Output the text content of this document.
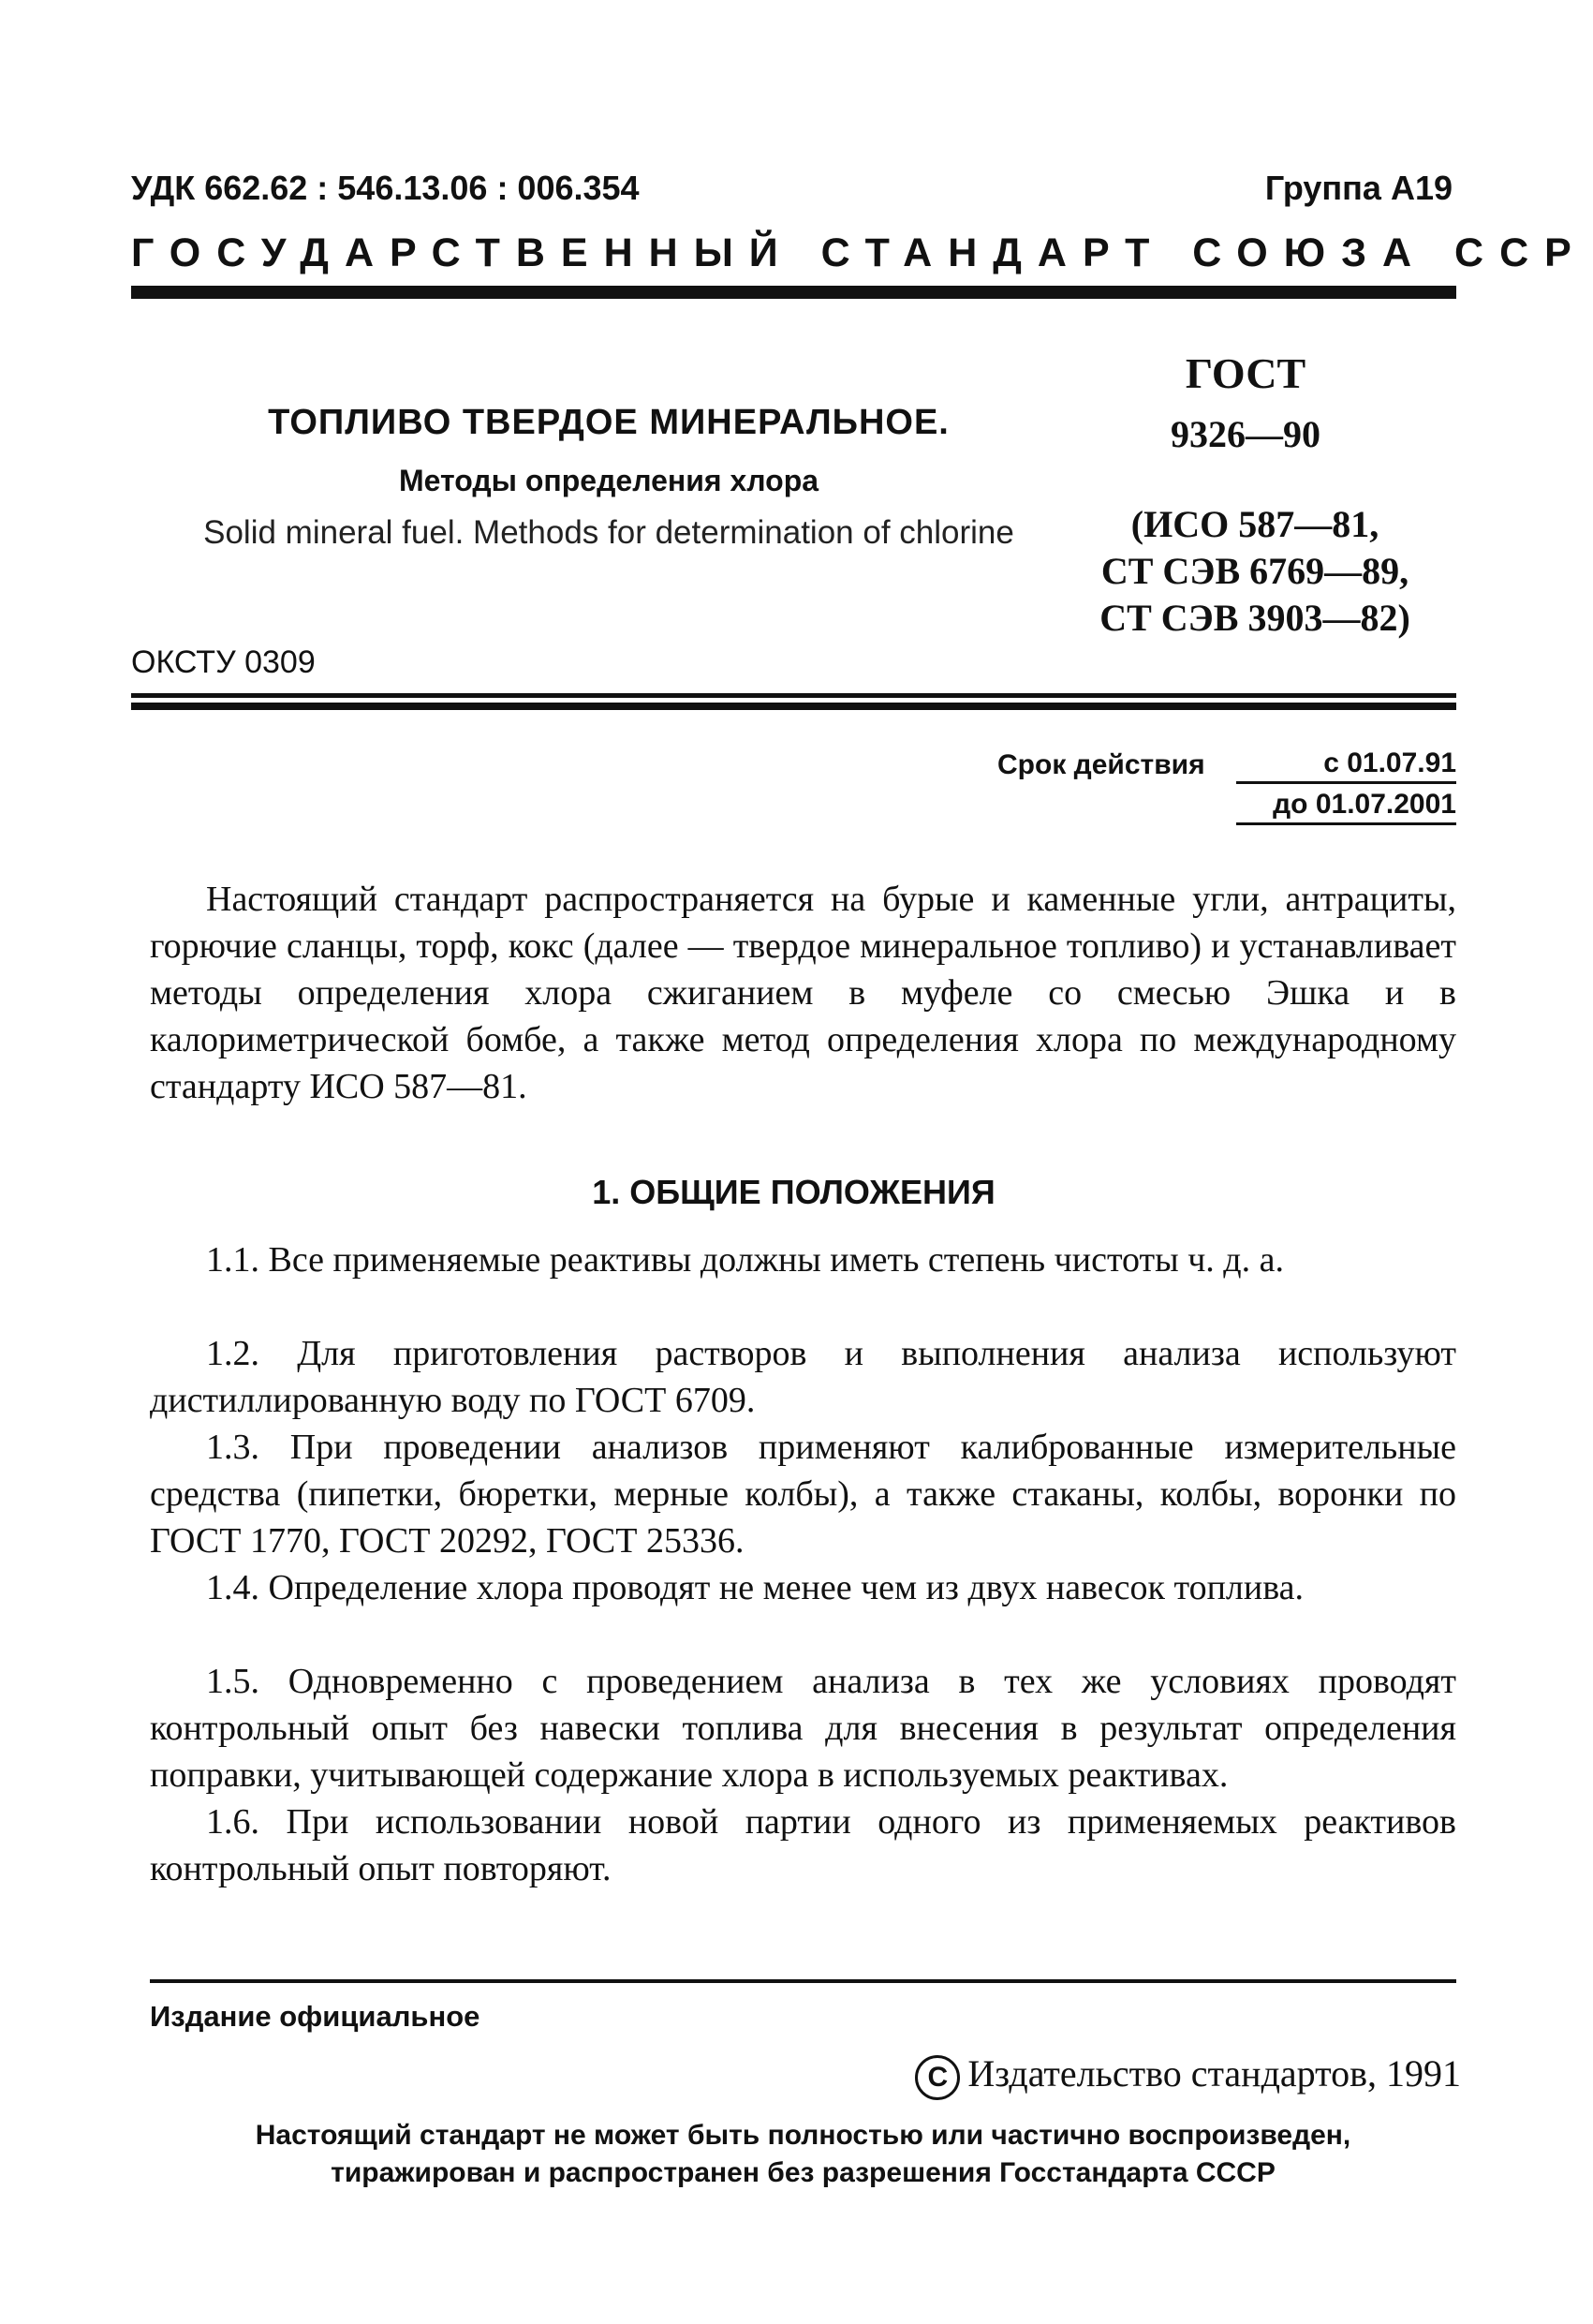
УДК 662.62 : 546.13.06 : 006.354	Группа А19
ГОСУДАРСТВЕННЫЙ СТАНДАРТ СОЮЗА ССР
ТОПЛИВО ТВЕРДОЕ МИНЕРАЛЬНОЕ.
Методы определения хлора
Solid mineral fuel. Methods for determination of chlorine
ОКСТУ 0309
ГОСТ
9326—90
(ИСО 587—81,
СТ СЭВ 6769—89,
СТ СЭВ 3903—82)
Срок действия	с 01.07.91
до 01.07.2001
Настоящий стандарт распространяется на бурые и каменные угли, антрациты, горючие сланцы, торф, кокс (далее — твердое минеральное топливо) и устанавливает методы определения хлора сжиганием в муфеле со смесью Эшка и в калориметрической бомбе, а также метод определения хлора по международному стандарту ИСО 587—81.
1. ОБЩИЕ ПОЛОЖЕНИЯ
1.1. Все применяемые реактивы должны иметь степень чистоты ч. д. а.
1.2. Для приготовления растворов и выполнения анализа используют дистиллированную воду по ГОСТ 6709.
1.3. При проведении анализов применяют калиброванные измерительные средства (пипетки, бюретки, мерные колбы), а также стаканы, колбы, воронки по ГОСТ 1770, ГОСТ 20292, ГОСТ 25336.
1.4. Определение хлора проводят не менее чем из двух навесок топлива.
1.5. Одновременно с проведением анализа в тех же условиях проводят контрольный опыт без навески топлива для внесения в результат определения поправки, учитывающей содержание хлора в используемых реактивах.
1.6. При использовании новой партии одного из применяемых реактивов контрольный опыт повторяют.
Издание официальное
C Издательство стандартов, 1991
Настоящий стандарт не может быть полностью или частично воспроизведен,
тиражирован и распространен без разрешения Госстандарта СССР
